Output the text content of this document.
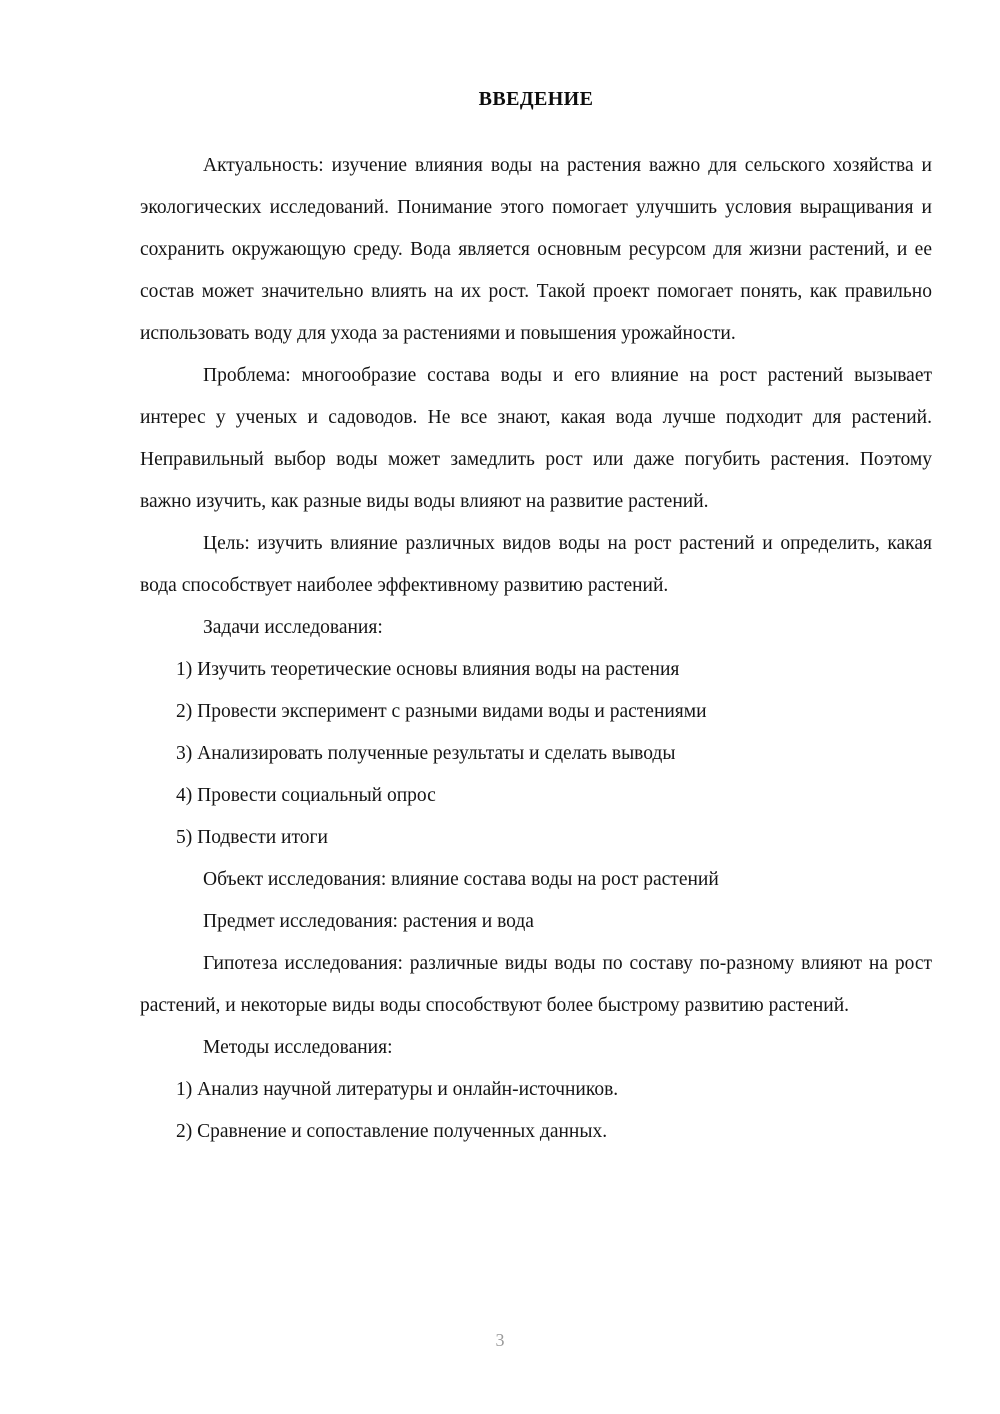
ВВЕДЕНИЕ

Актуальность: изучение влияния воды на растения важно для сельского хозяйства и экологических исследований. Понимание этого помогает улучшить условия выращивания и сохранить окружающую среду. Вода является основным ресурсом для жизни растений, и ее состав может значительно влиять на их рост. Такой проект помогает понять, как правильно использовать воду для ухода за растениями и повышения урожайности.

Проблема: многообразие состава воды и его влияние на рост растений вызывает интерес у ученых и садоводов. Не все знают, какая вода лучше подходит для растений. Неправильный выбор воды может замедлить рост или даже погубить растения. Поэтому важно изучить, как разные виды воды влияют на развитие растений.

Цель: изучить влияние различных видов воды на рост растений и определить, какая вода способствует наиболее эффективному развитию растений.

Задачи исследования:

1) Изучить теоретические основы влияния воды на растения
2) Провести эксперимент с разными видами воды и растениями
3) Анализировать полученные результаты и сделать выводы
4) Провести социальный опрос
5) Подвести итоги

Объект исследования: влияние состава воды на рост растений

Предмет исследования: растения и вода

Гипотеза исследования: различные виды воды по составу по-разному влияют на рост растений, и некоторые виды воды способствуют более быстрому развитию растений.

Методы исследования:

1) Анализ научной литературы и онлайн-источников.
2) Сравнение и сопоставление полученных данных.
3
